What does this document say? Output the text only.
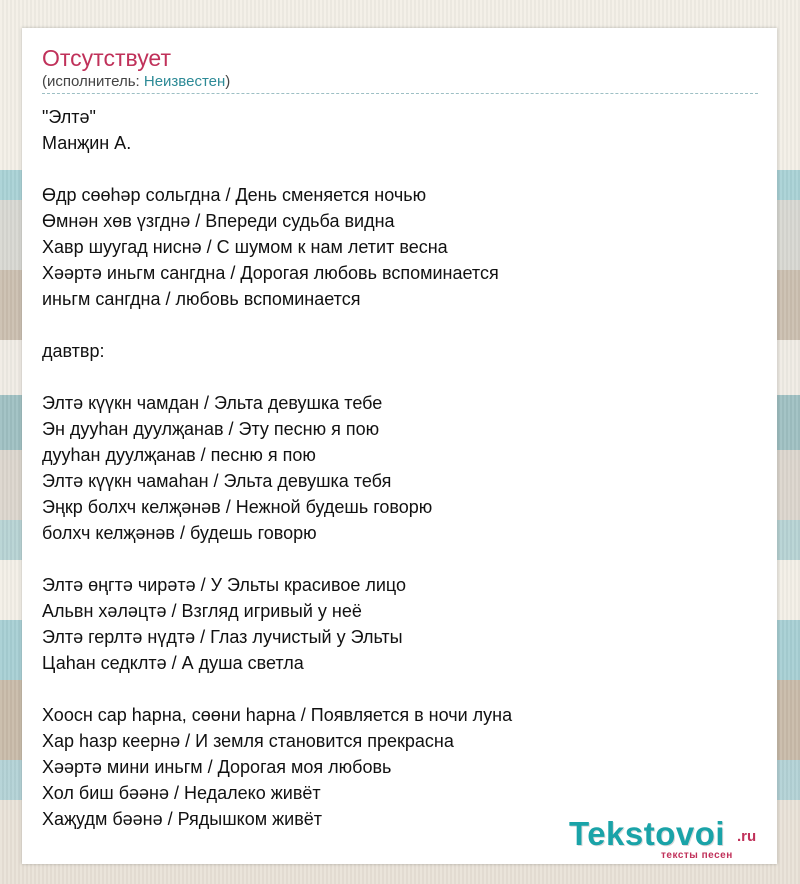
Отсутствует
(исполнитель: Неизвестен)
"Элтә"
Манҗин А.
Өдр сөөһәр сольгдна / День сменяется ночью
Өмнән хөв үзгднә / Впереди судьба видна
Хавр шуугад ниснә / С шумом к нам летит весна
Хәәртә иньгм сангдна / Дорогая любовь вспоминается
иньгм сангдна / любовь вспоминается
давтвр:
Элтә күүкн чамдан / Эльта девушка тебе
Эн дууһан дуулҗанав / Эту песню я пою
дууһан дуулҗанав / песню я пою
Элтә күүкн чамаһан / Эльта девушка тебя
Эңкр болхч келҗәнәв / Нежной будешь говорю
болхч келҗәнәв / будешь говорю
Элтә өңгтә чирәтә / У Эльты красивое лицо
Альвн хәләцтә / Взгляд игривый у неё
Элтә герлтә нүдтә / Глаз лучистый у Эльты
Цаһан седклтә / А душа светла
Хоосн сар һарна, сөөни һарна / Появляется в ночи луна
Хар һазр кеернә / И земля становится прекрасна
Хәәртә мини иньгм / Дорогая моя любовь
Хол биш бәәнә / Недалеко живёт
Хаҗудм бәәнә / Рядышком живёт	Tekstovoi .ru
тексты песен
